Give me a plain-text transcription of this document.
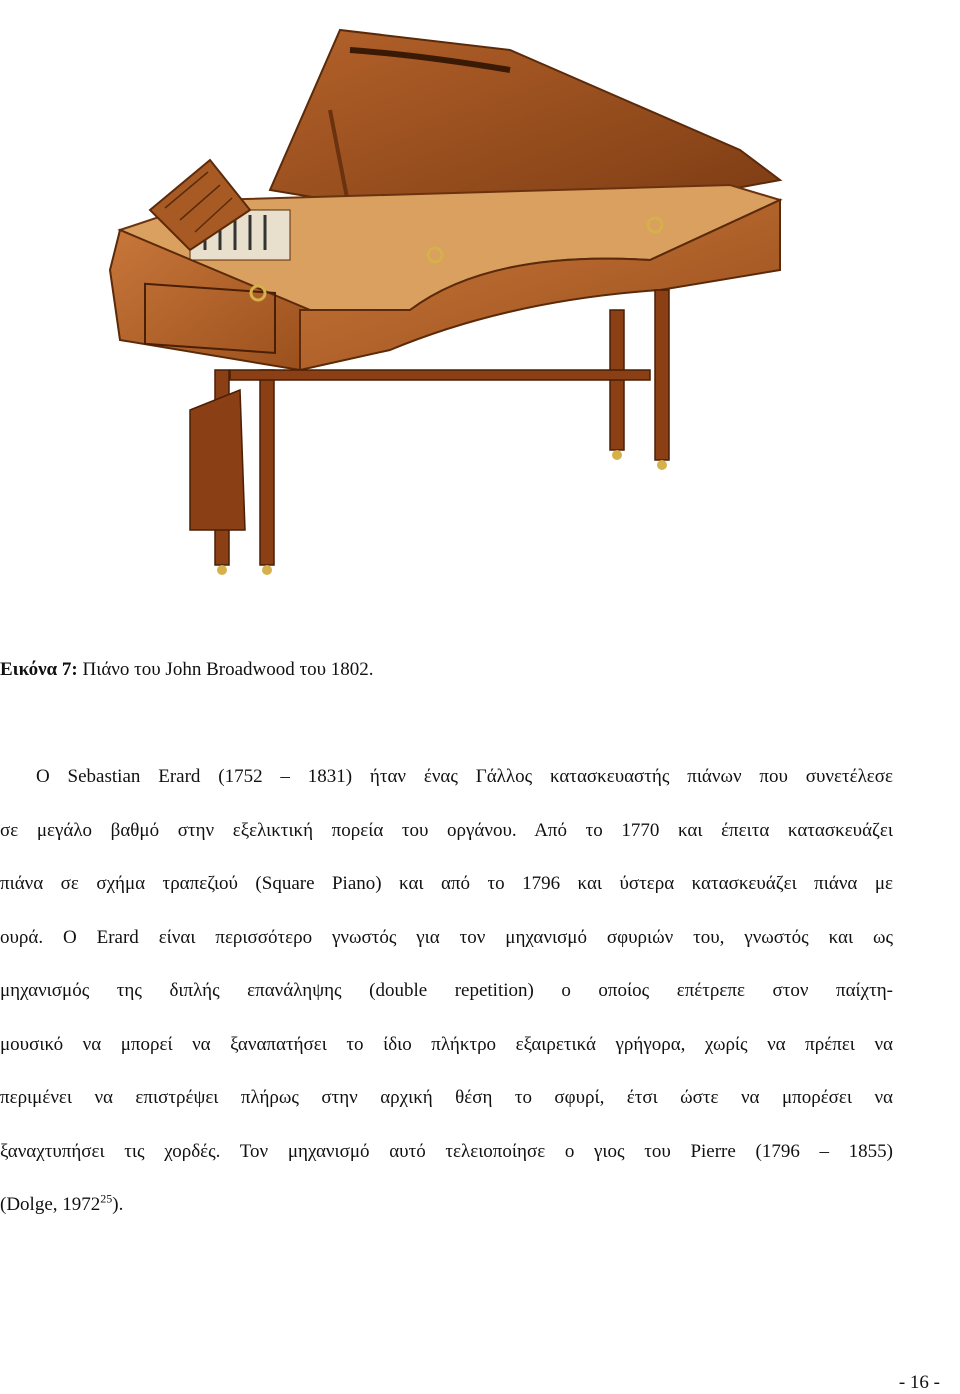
Εικόνα 7: Πιάνο του John Broadwood του 1802.
Ο Sebastian Erard (1752 – 1831) ήταν ένας Γάλλος κατασκευαστής πιάνων που συνετέλεσε
σε μεγάλο βαθμό στην εξελικτική πορεία του οργάνου. Από το 1770 και έπειτα κατασκευάζει
πιάνα σε σχήμα τραπεζιού (Square Piano) και από το 1796 και ύστερα κατασκευάζει πιάνα με
ουρά. Ο Erard είναι περισσότερο γνωστός για τον μηχανισμό σφυριών του, γνωστός και ως
μηχανισμός της διπλής επανάληψης (double repetition) ο οποίος επέτρεπε στον παίχτη-
μουσικό να μπορεί να ξαναπατήσει το ίδιο πλήκτρο εξαιρετικά γρήγορα, χωρίς να πρέπει να
περιμένει να επιστρέψει πλήρως στην αρχική θέση το σφυρί, έτσι ώστε να μπορέσει να
ξαναχτυπήσει τις χορδές. Τον μηχανισμό αυτό τελειοποίησε ο γιος του Pierre (1796 – 1855)
(Dolge, 1972$^{25}$).
- 16 -
